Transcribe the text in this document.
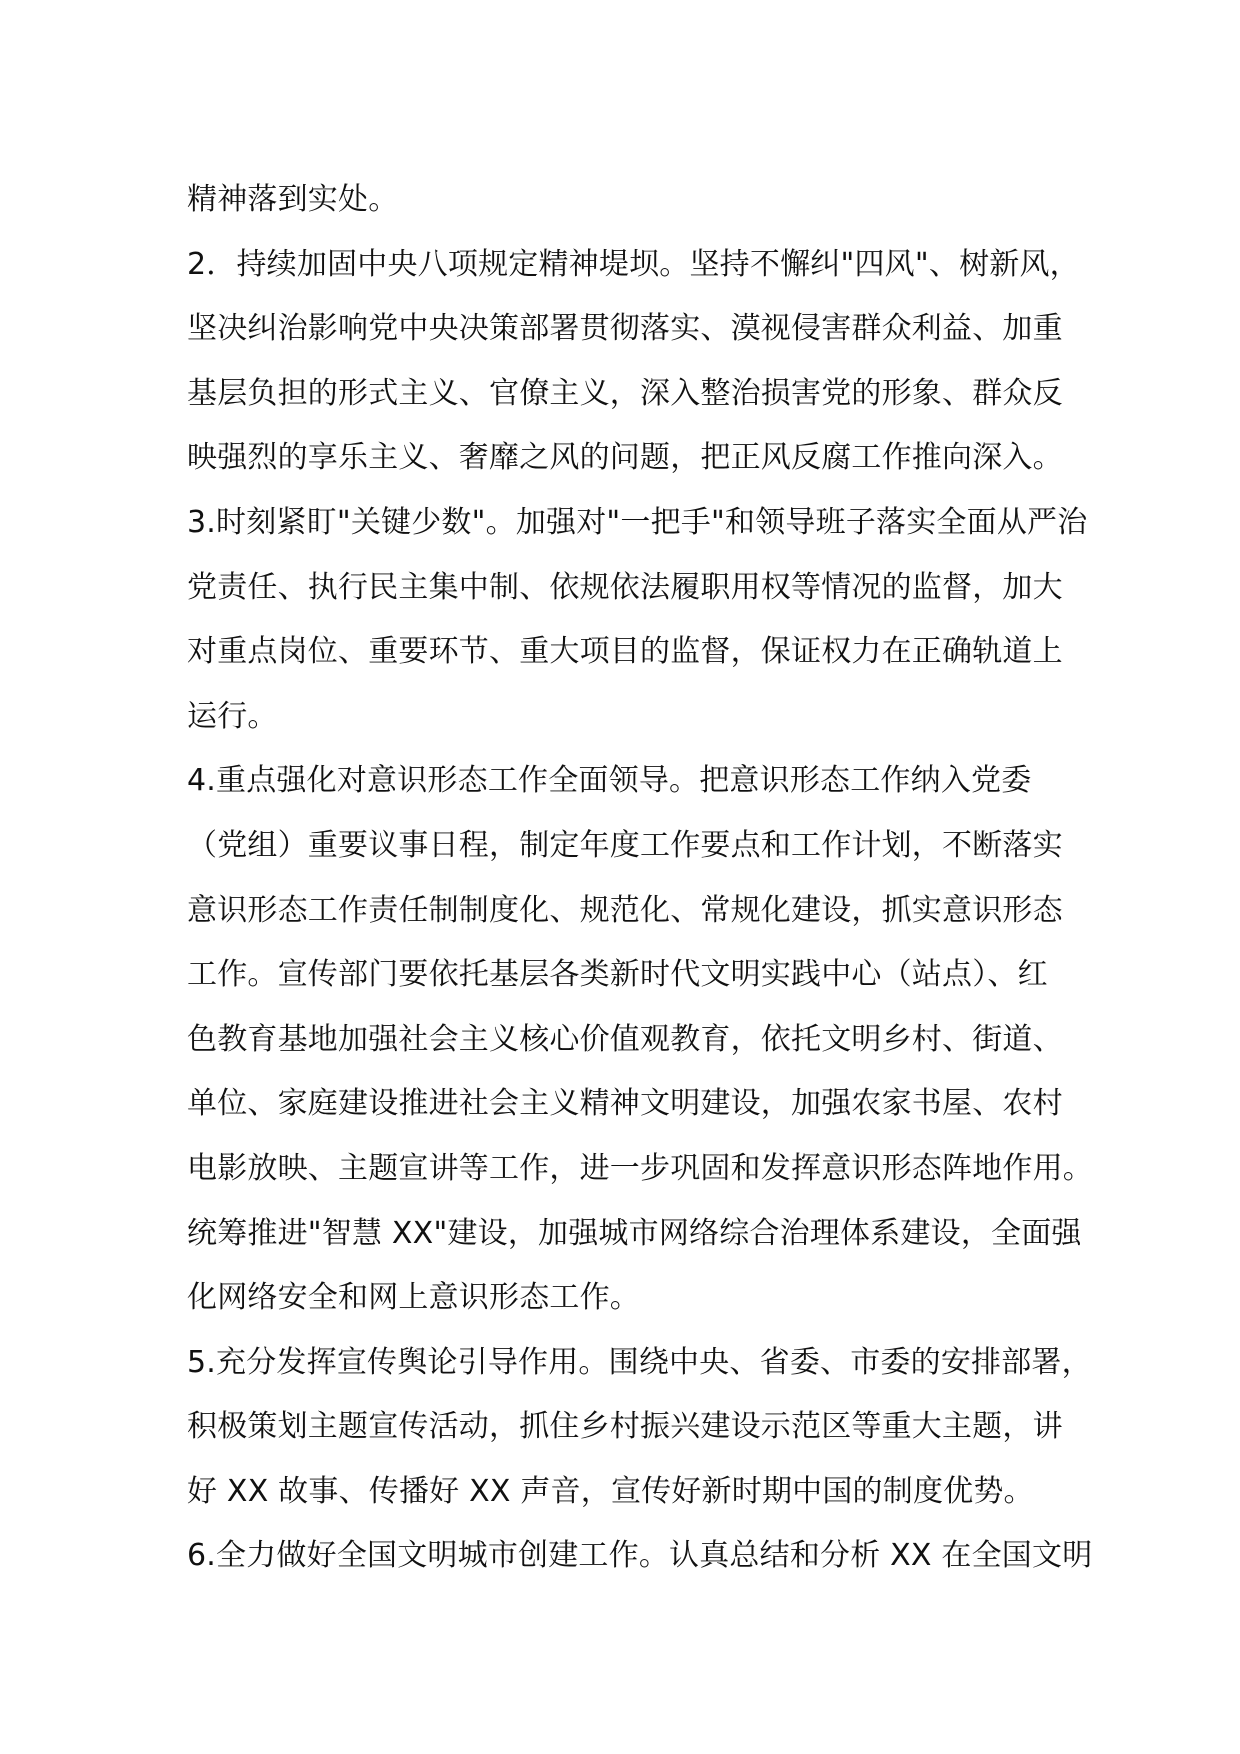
精神落到实处。
2．持续加固中央八项规定精神堤坝。坚持不懈纠"四风"、树新风，
坚决纠治影响党中央决策部署贯彻落实、漠视侵害群众利益、加重
基层负担的形式主义、官僚主义，深入整治损害党的形象、群众反
映强烈的享乐主义、奢靡之风的问题，把正风反腐工作推向深入。
3.时刻紧盯"关键少数"。加强对"一把手"和领导班子落实全面从严治
党责任、执行民主集中制、依规依法履职用权等情况的监督，加大
对重点岗位、重要环节、重大项目的监督，保证权力在正确轨道上
运行。
4.重点强化对意识形态工作全面领导。把意识形态工作纳入党委
（党组）重要议事日程，制定年度工作要点和工作计划，不断落实
意识形态工作责任制制度化、规范化、常规化建设，抓实意识形态
工作。宣传部门要依托基层各类新时代文明实践中心（站点）、红
色教育基地加强社会主义核心价值观教育，依托文明乡村、街道、
单位、家庭建设推进社会主义精神文明建设，加强农家书屋、农村
电影放映、主题宣讲等工作，进一步巩固和发挥意识形态阵地作用。
统筹推进"智慧 XX"建设，加强城市网络综合治理体系建设，全面强
化网络安全和网上意识形态工作。
5.充分发挥宣传舆论引导作用。围绕中央、省委、市委的安排部署，
积极策划主题宣传活动，抓住乡村振兴建设示范区等重大主题，讲
好 XX 故事、传播好 XX 声音，宣传好新时期中国的制度优势。
6.全力做好全国文明城市创建工作。认真总结和分析 XX 在全国文明
